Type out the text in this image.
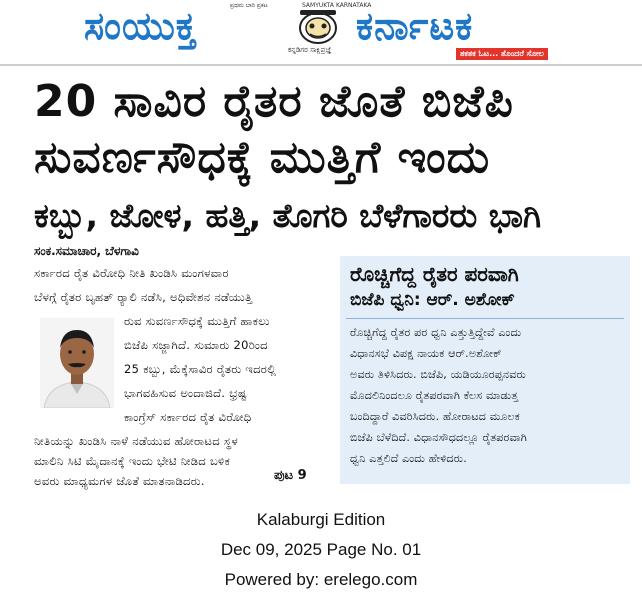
ಪ್ರಥಮ ಬಾರಿ ಪ್ರಕಟ	SAMYUKTA KARNATAKA
ಸಂಯುಕ್ತ	ಕರ್ನಾಟಕ
ಕನ್ನಡಿಗರ ಸಾಕ್ಷಿಪ್ರಜ್ಞೆ	ತಕತಕ ಓಟ... ತೊಂದರೆ ಸೋಲ
20 ಸಾವಿರ ರೈತರ ಜೊತೆ ಬಿಜೆಪಿ
ಸುವರ್ಣಸೌಧಕ್ಕೆ ಮುತ್ತಿಗೆ ಇಂದು
ಕಬ್ಬು, ಜೋಳ, ಹತ್ತಿ, ತೊಗರಿ ಬೆಳೆಗಾರರು ಭಾಗಿ
ಸಂಕ.ಸಮಾಚಾರ, ಬೆಳಗಾವಿ
ಸರ್ಕಾರದ ರೈತ ವಿರೋಧಿ ನೀತಿ ಖಂಡಿಸಿ ಮಂಗಳವಾರ
ಬೆಳಗ್ಗೆ ರೈತರ ಬೃಹತ್ ರ್‍ಯಾಲಿ ನಡೆಸಿ, ಅಧಿವೇಶನ ನಡೆಯುತ್ತಿ
ರುವ ಸುವರ್ಣಸೌಧಕ್ಕೆ ಮುತ್ತಿಗೆ ಹಾಕಲು
ಬಿಜೆಪಿ ಸಜ್ಜಾಗಿದೆ. ಸುಮಾರು 20ರಿಂದ
25 ಕಬ್ಬು, ಮೆಕ್ಕೆಸಾವಿರ ರೈತರು ಇದರಲ್ಲಿ
ಭಾಗವಹಿಸುವ ಅಂದಾಜಿದೆ. ಭ್ರಷ್ಟ
ಕಾಂಗ್ರೆಸ್ ಸರ್ಕಾರದ ರೈತ ವಿರೋಧಿ
ನೀತಿಯನ್ನು ಖಂಡಿಸಿ ನಾಳೆ ನಡೆಯುವ ಹೋರಾಟದ ಸ್ಥಳ
ಮಾಲಿನಿ ಸಿಟಿ ಮೈದಾನಕ್ಕೆ ಇಂದು ಭೇಟಿ ನೀಡಿದ ಬಳಿಕ
ಅವರು ಮಾಧ್ಯಮಗಳ ಜೊತೆ ಮಾತನಾಡಿದರು.	ಪುಟ 9
ರೊಚ್ಚಿಗೆದ್ದ ರೈತರ ಪರವಾಗಿ
ಬಿಜೆಪಿ ಧ್ವನಿ: ಆರ್. ಅಶೋಕ್
ರೊಚ್ಚಿಗೆದ್ದ ರೈತರ ಪರ ಧ್ವನಿ ಎತ್ತುತ್ತಿದ್ದೇವೆ ಎಂದು
ವಿಧಾನಸಭೆ ವಿಪಕ್ಷ ನಾಯಕ ಆರ್.ಅಶೋಕ್
ಅವರು ತಿಳಿಸಿದರು. ಬಿಜೆಪಿ, ಯಡಿಯೂರಪ್ಪನವರು
ಮೊದಲಿನಿಂದಲೂ ರೈತಪರವಾಗಿ ಕೆಲಸ ಮಾಡುತ್ತ
ಬಂದಿದ್ದಾರೆ ವಿವರಿಸಿದರು. ಹೋರಾಟದ ಮೂಲಕ
ಬಿಜೆಪಿ ಬೆಳೆದಿದೆ. ವಿಧಾನಸೌಧದಲ್ಲೂ ರೈತಪರವಾಗಿ
ಧ್ವನಿ ಎತ್ತಲಿದೆ ಎಂದು ಹೇಳಿದರು.
Kalaburgi Edition
Dec 09, 2025 Page No. 01
Powered by: erelego.com
